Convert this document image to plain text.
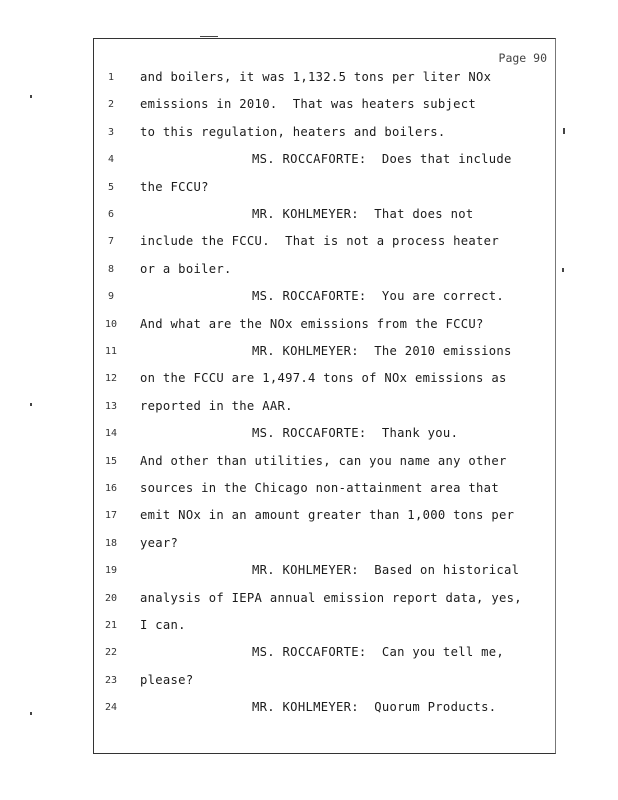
Page 90
1	and boilers, it was 1,132.5 tons per liter NOx
2	emissions in 2010.  That was heaters subject
3	to this regulation, heaters and boilers.
4	MS. ROCCAFORTE:  Does that include
5	the FCCU?
6	MR. KOHLMEYER:  That does not
7	include the FCCU.  That is not a process heater
8	or a boiler.
9	MS. ROCCAFORTE:  You are correct.
10	And what are the NOx emissions from the FCCU?
11	MR. KOHLMEYER:  The 2010 emissions
12	on the FCCU are 1,497.4 tons of NOx emissions as
13	reported in the AAR.
14	MS. ROCCAFORTE:  Thank you.
15	And other than utilities, can you name any other
16	sources in the Chicago non-attainment area that
17	emit NOx in an amount greater than 1,000 tons per
18	year?
19	MR. KOHLMEYER:  Based on historical
20	analysis of IEPA annual emission report data, yes,
21	I can.
22	MS. ROCCAFORTE:  Can you tell me,
23	please?
24	MR. KOHLMEYER:  Quorum Products.
